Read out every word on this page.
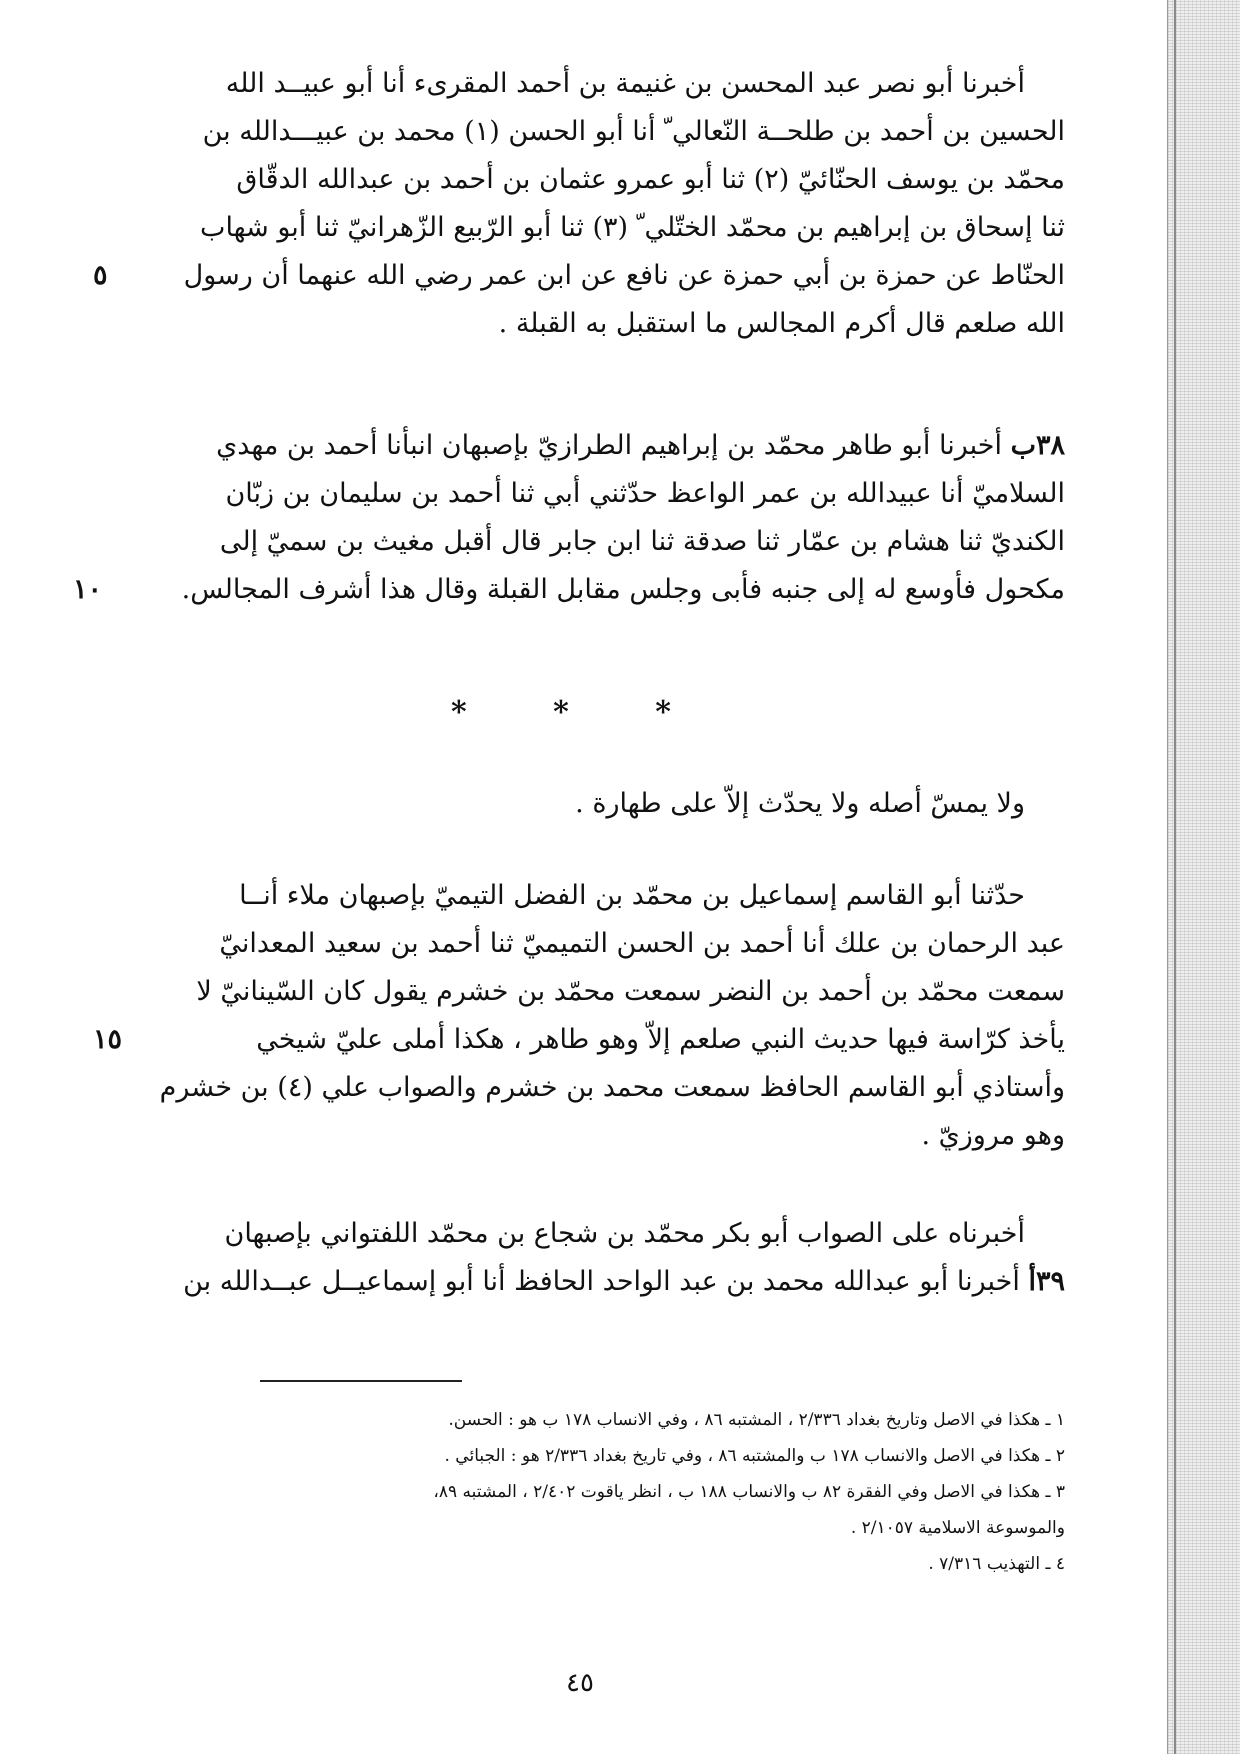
أخبرنا أبو نصر عبد المحسن بن غنيمة بن أحمد المقرىء أنا أبو عبيــد الله
الحسين بن أحمد بن طلحــة النّعالي ّ أنا أبو الحسن (١) محمد بن عبيـــدالله بن
محمّد بن يوسف الحنّائيّ (٢) ثنا أبو عمرو عثمان بن أحمد بن عبدالله الدقّاق
ثنا إسحاق بن إبراهيم بن محمّد الختّلي ّ (٣) ثنا أبو الرّبيع الزّهرانيّ ثنا أبو شهاب
الحنّاط عن حمزة بن أبي حمزة عن نافع عن ابن عمر رضي الله عنهما أن رسول
٥
الله صلعم قال أكرم المجالس ما استقبل به القبلة .
٣٨ب أخبرنا أبو طاهر محمّد بن إبراهيم الطرازيّ بإصبهان انبأنا أحمد بن مهدي
السلاميّ أنا عبيدالله بن عمر الواعظ حدّثني أبي ثنا أحمد بن سليمان بن زبّان
الكنديّ ثنا هشام بن عمّار ثنا صدقة ثنا ابن جابر قال أقبل مغيث بن سميّ إلى
مكحول فأوسع له إلى جنبه فأبى وجلس مقابل القبلة وقال هذا أشرف المجالس.
١٠
* * *
ولا يمسّ أصله ولا يحدّث إلاّ على طهارة .
حدّثنا أبو القاسم إسماعيل بن محمّد بن الفضل التيميّ بإصبهان ملاء أنــا
عبد الرحمان بن علك أنا أحمد بن الحسن التميميّ ثنا أحمد بن سعيد المعدانيّ
سمعت محمّد بن أحمد بن النضر سمعت محمّد بن خشرم يقول كان السّينانيّ لا
يأخذ كرّاسة فيها حديث النبي صلعم إلاّ وهو طاهر ، هكذا أملى عليّ شيخي
١٥
وأستاذي أبو القاسم الحافظ سمعت محمد بن خشرم والصواب علي (٤) بن خشرم
وهو مروزيّ .
أخبرناه على الصواب أبو بكر محمّد بن شجاع بن محمّد اللفتواني بإصبهان
٣٩أ أخبرنا أبو عبدالله محمد بن عبد الواحد الحافظ أنا أبو إسماعيــل عبــدالله بن

١ ـ هكذا في الاصل وتاريخ بغداد ٢/٣٣٦ ، المشتبه ٨٦ ، وفي الانساب ١٧٨ ب هو : الحسن.

٢ ـ هكذا في الاصل والانساب ١٧٨ ب والمشتبه ٨٦ ، وفي تاريخ بغداد ٢/٣٣٦ هو : الجبائي .

٣ ـ هكذا في الاصل وفي الفقرة ٨٢ ب والانساب ١٨٨ ب ، انظر ياقوت ٢/٤٠٢ ، المشتبه ٨٩،

والموسوعة الاسلامية ٢/١٠٥٧ .

٤ ـ التهذيب ٧/٣١٦ .

٤٥
